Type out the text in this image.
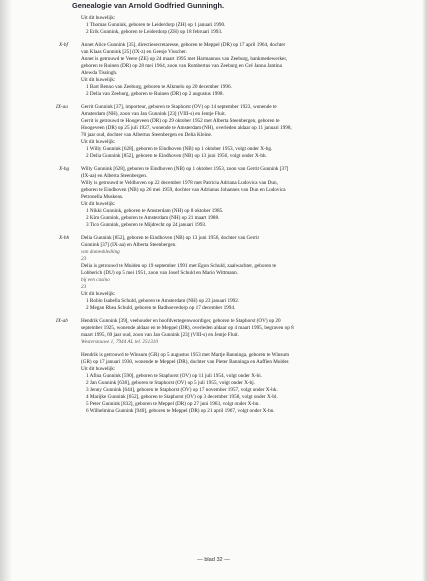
Genealogie van Arnold Godfried Gunningh.
Uit dit huwelijk:
1 Thomas Gunnink, geboren te Leiderdorp (ZH) op 1 januari 1990.
2 Erik Gunnink, geboren te Leiderdorp (ZH) op 18 februari 1993.
X-bf	Annet Alice Gunnink [35], directiesecretaresse, geboren te Meppel (DR) op 17 april 1964, dochter
van Klaas Gunnink [25] (IX-z) en Geesje Visscher.
Annet is getrouwd te Veere (ZE) op 24 maart 1995 met Harmannus van Zeeburg, bankmedewerker,
geboren te Ruinen (DR) op 28 mei 1964, zoon van Rombertus van Zeeburg en Gré Janna Jantina
Alewda Tissingh.
Uit dit huwelijk:
1 Bart Benno van Zeeburg, geboren te Alkmelo op 20 december 1996.
2 Delia van Zeeburg, geboren te Ruinen (DR) op 2 augustus 1998.
IX-aa	Gerrit Gunnink [37], importeur, geboren te Staphorst (OV) op 14 september 1923, wonende te
Amsterdam (NH), zoon van Jan Gunnink [23] (VIII-s) en Jentje Fluit.
Gerrit is getrouwd te Hoogeveen (DR) op 29 oktober 1952 met Alberta Steenbergen, geboren te
Hoogeveen (DR) op 25 juli 1927, wonende te Amsterdam (NH), overleden aldaar op 11 januari 1998,
70 jaar oud, dochter van Albertus Steenbergen en Delia Kleine.
Uit dit huwelijk:
1 Willy Gunnink [628], geboren te Eindhoven (NB) op 1 oktober 1953, volgt onder X-bg.
2 Delia Gunnink [852], geboren te Eindhoven (NB) op 13 juni 1956, volgt onder X-bh.
X-bg Willy Gunnink [628], geboren te Eindhoven (NB) op 1 oktober 1953, zoon van Gerrit Gunnink [37]
(IX-aa) en Alberta Steenbergen.
Willy is getrouwd te Veldhoven op 22 december 1978 met Patricia Adriana Ludovica van Dun,
geboren te Eindhoven (NB) op 26 mei 1959, dochter van Adrianus Johannes van Dun en Ludovica
Petronella Muskens.
Uit dit huwelijk:
1 Nikki Gunnink, geboren te Amsterdam (NH) op 8 oktober 1985.
2 Kim Gunnink, geboren te Amsterdam (NH) op 21 maart 1988.
3 Tico Gunnink, geboren te Mijdrecht op 24 januari 1993.
X-bh Delia Gunnink [852], geboren te Eindhoven (NB) op 13 juni 1956, dochter van Gerrit
Gunnink [37] (IX-aa) en Alberta Steenbergen.
van damesklediing
23
Delia is getrouwd te Muiden op 19 september 1991 met Egon Schuld, zaalwachter, geboren te
Lobberich (DU) op 5 mei 1951, zoon van Josef Schuld en Mario Wittmann.
bij een casino
23
Uit dit huwelijk:
1 Robin Isabella Schuld, geboren te Amsterdam (NH) op 23 januari 1992.
2 Megan Rhea Schuld, geboren te Badhoevedorp op 17 december 1994.
IX-ab	Hendrik Gunnink [39], veehouder en hoofdvertegenwoordiger, geboren te Staphorst (OV) op 20
september 1925, wonende aldaar en te Meppel (DR), overleden aldaar op 4 maart 1995, begraven op 8
maart 1995, 69 jaar oud, zoon van Jan Gunnink [23] (VIII-s) en Jentje Fluit.
Westerstouwe 1, 7944 AL tel. 251310
Hendrik is getrouwd te Winsum (GR) op 5 augustus 1953 met Martje Banninga, geboren te Winsum
(GR) op 17 januari 1930, wonende te Meppel (DR), dochter van Pieter Banninga en Aaffien Mulder.
Uit dit huwelijk:
1 Afina Gunnink [590], geboren te Staphorst (OV) op 11 juli 1954, volgt onder X-bi.
2 Jan Gunnink [638], geboren te Staphorst (OV) op 5 juli 1955, volgt onder X-bj.
3 Jenny Gunnink [644], geboren te Staphorst (OV) op 17 november 1957, volgt onder X-bk.
4 Marijke Gunnink [652], geboren te Staphorst (OV) op 3 december 1958, volgt onder X-bl.
5 Peter Gunnink [832], geboren te Meppel (DR) op 27 juni 1963, volgt onder X-bn.
6 Wilhelmina Gunnink [940], geboren te Meppel (DR) op 21 april 1967, volgt onder X-bn.
— blad 32 —
